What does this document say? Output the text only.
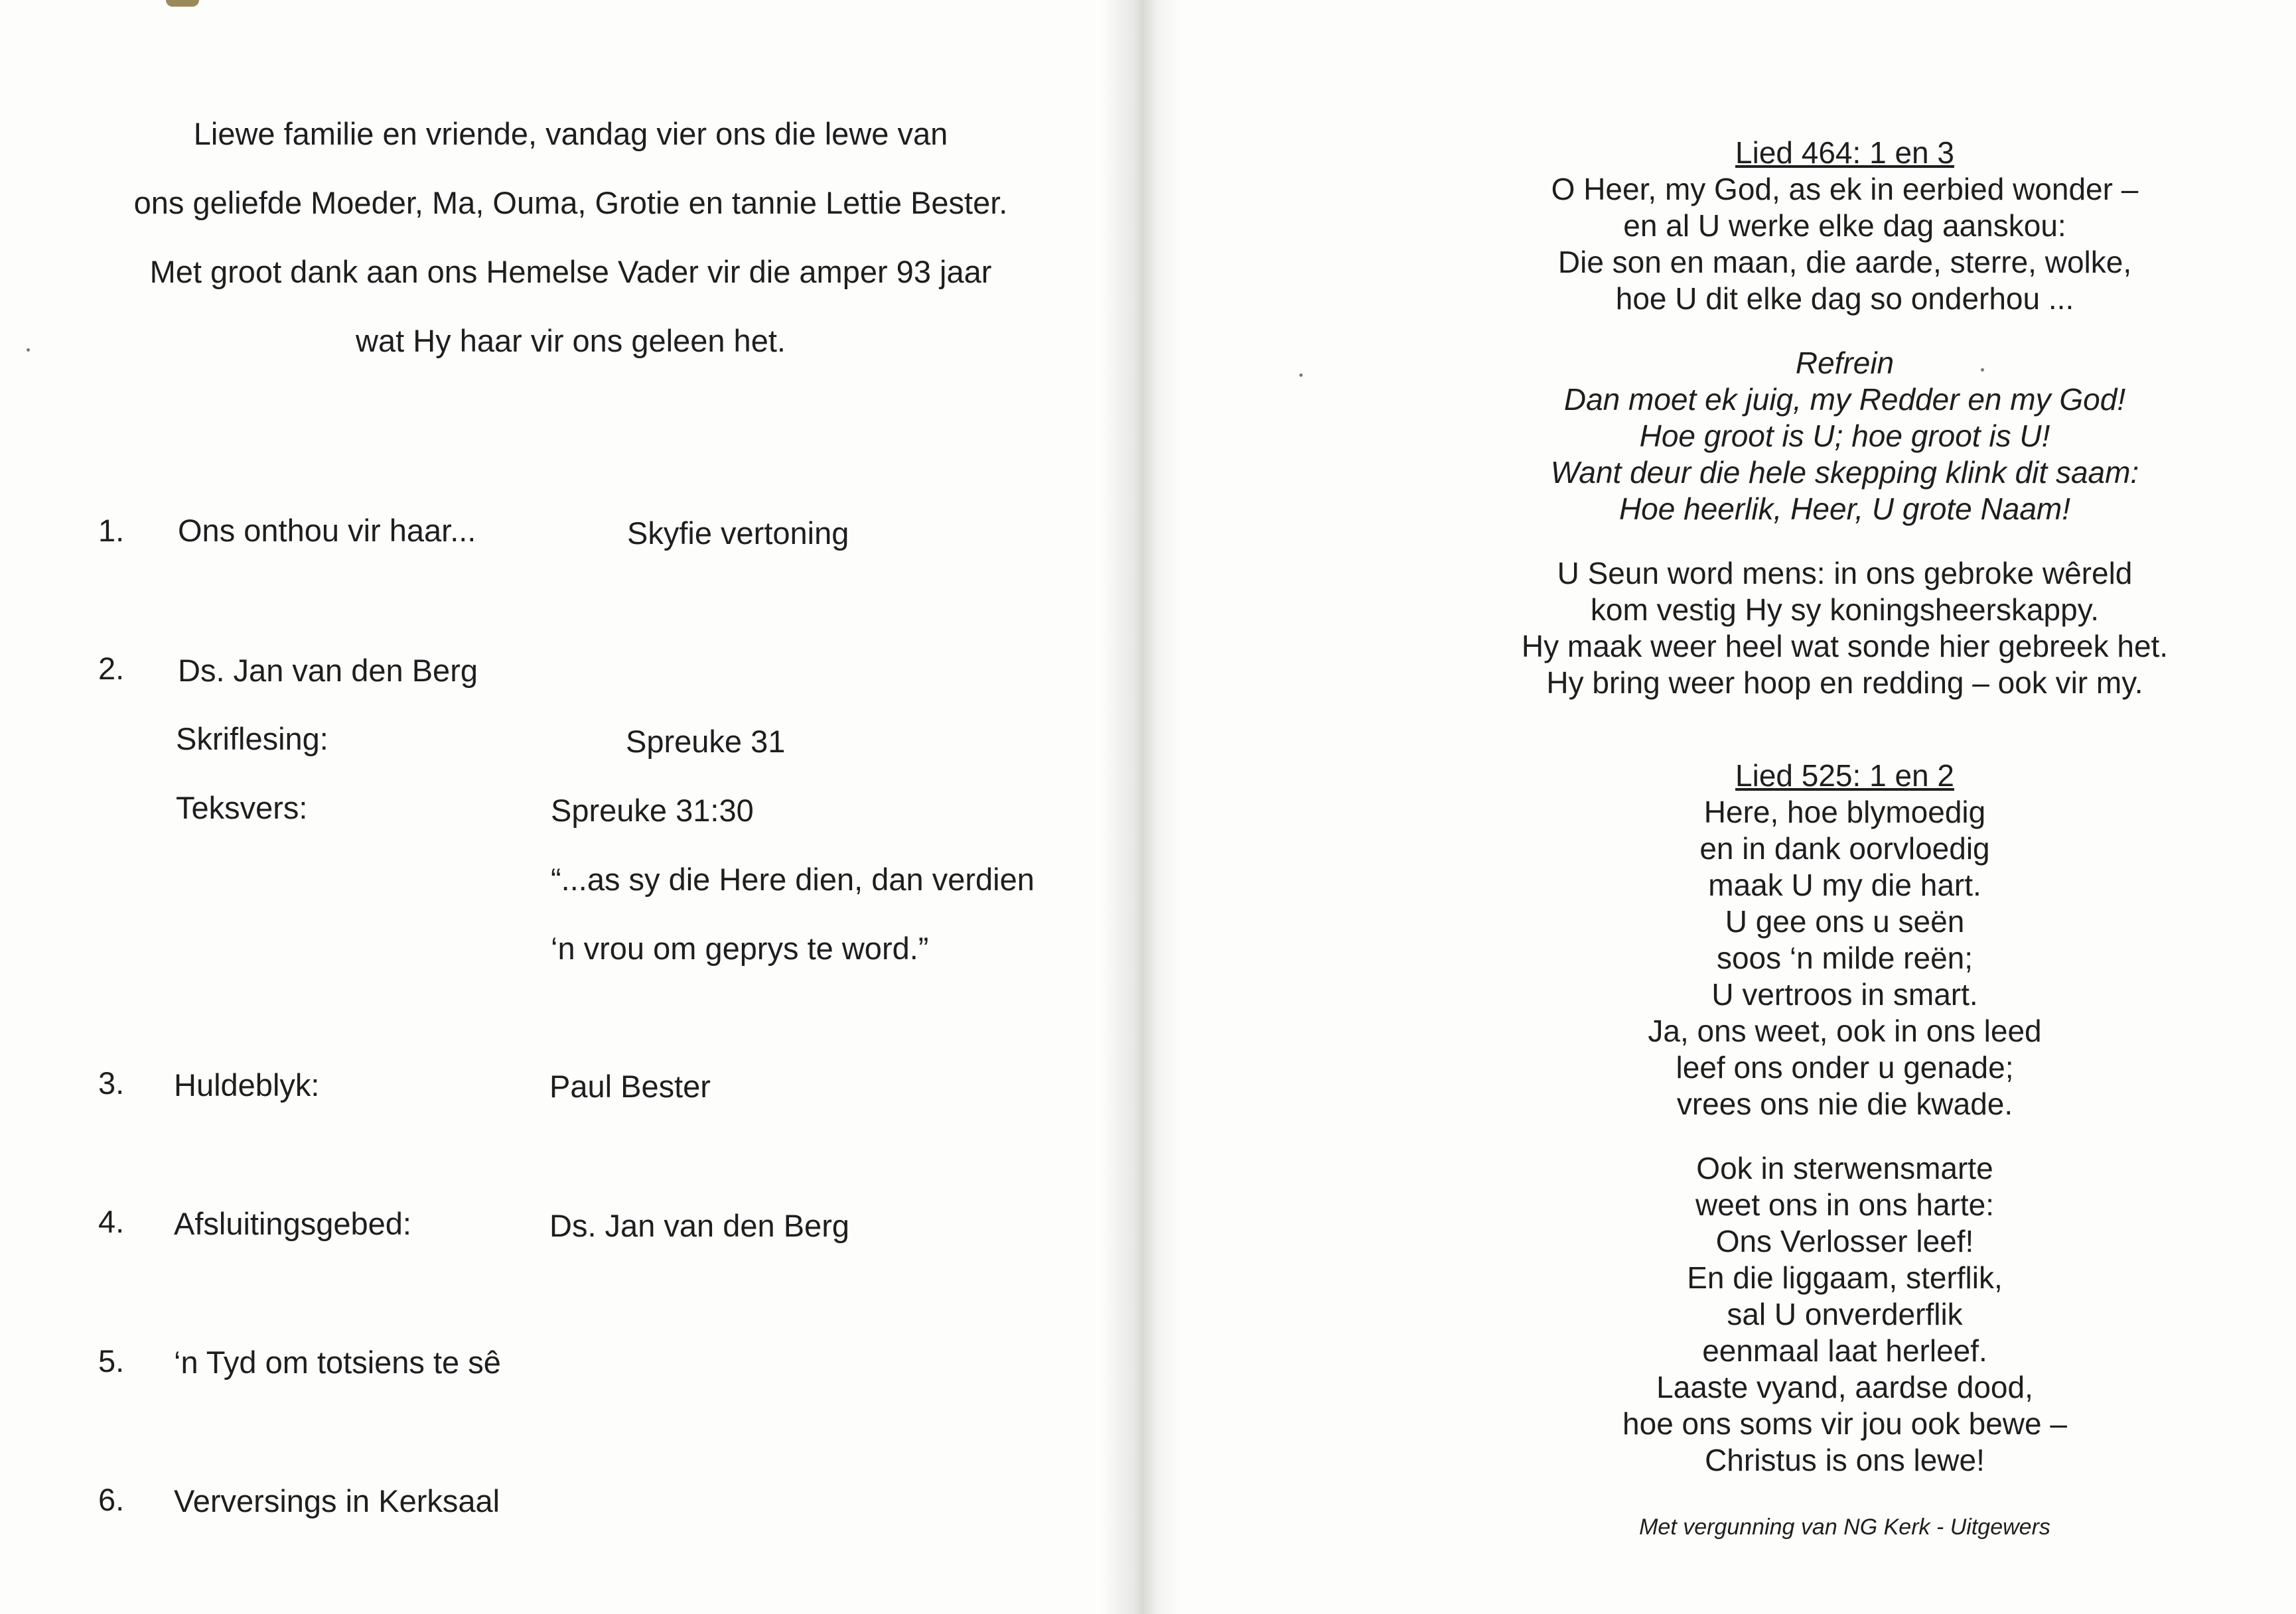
Liewe familie en vriende, vandag vier ons die lewe van

ons geliefde Moeder, Ma, Ouma, Grotie en tannie Lettie Bester.

Met groot dank aan ons Hemelse Vader vir die amper 93 jaar

wat Hy haar vir ons geleen het.

1. Ons onthou vir haar...	Skyfie vertoning
2. Ds. Jan van den Berg
Skriflesing:	Spreuke 31
Teksvers:	Spreuke 31:30
“...as sy die Here dien, dan verdien
‘n vrou om geprys te word.”
3. Huldeblyk:	Paul Bester
4. Afsluitingsgebed:	Ds. Jan van den Berg
5. ‘n Tyd om totsiens te sê
6. Verversings in Kerksaal
Lied 464: 1 en 3
O Heer, my God, as ek in eerbied wonder –
en al U werke elke dag aanskou:
Die son en maan, die aarde, sterre, wolke,
hoe U dit elke dag so onderhou ...
Refrein
Dan moet ek juig, my Redder en my God!
Hoe groot is U; hoe groot is U!
Want deur die hele skepping klink dit saam:
Hoe heerlik, Heer, U grote Naam!
U Seun word mens: in ons gebroke wêreld
kom vestig Hy sy koningsheerskappy.
Hy maak weer heel wat sonde hier gebreek het.
Hy bring weer hoop en redding – ook vir my.
Lied 525: 1 en 2
Here, hoe blymoedig
en in dank oorvloedig
maak U my die hart.
U gee ons u seën
soos ‘n milde reën;
U vertroos in smart.
Ja, ons weet, ook in ons leed
leef ons onder u genade;
vrees ons nie die kwade.
Ook in sterwensmarte
weet ons in ons harte:
Ons Verlosser leef!
En die liggaam, sterflik,
sal U onverderflik
eenmaal laat herleef.
Laaste vyand, aardse dood,
hoe ons soms vir jou ook bewe –
Christus is ons lewe!
Met vergunning van NG Kerk - Uitgewers
